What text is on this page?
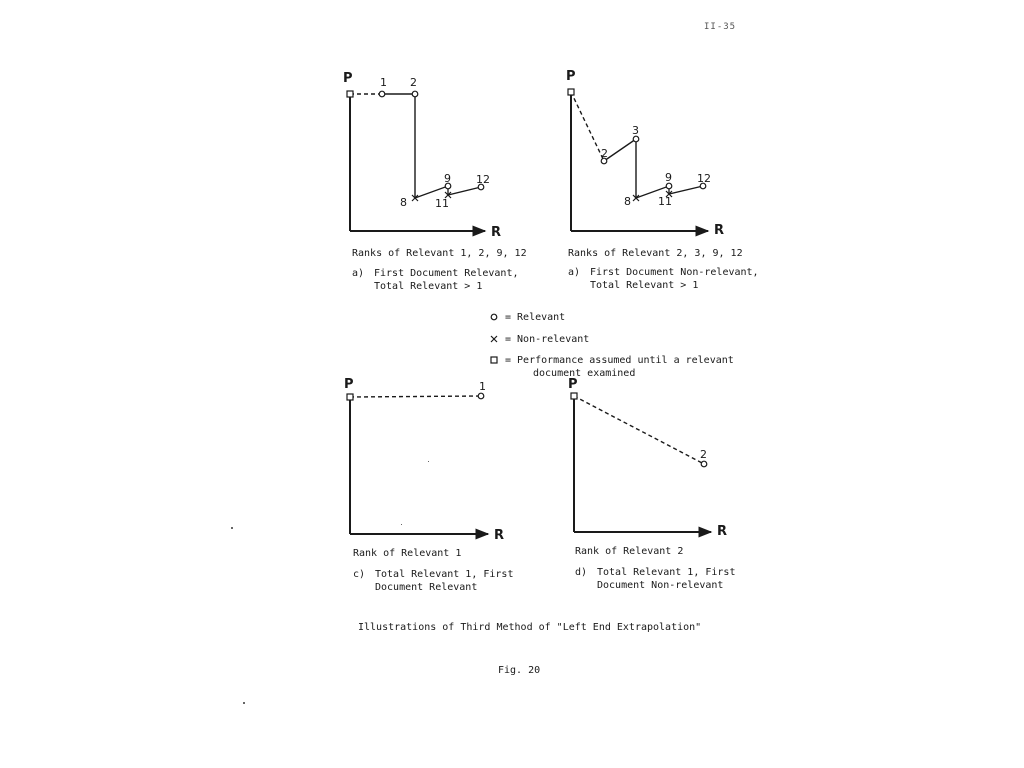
II-35
P
R
1 2
8
9
11
12
P
R
2
3
8
9
11
12
P
R
1	P
R
2
Ranks of Relevant 1, 2, 9, 12
a) First Document Relevant,
Total Relevant > 1
Ranks of Relevant 2, 3, 9, 12
a) First Document Non-relevant,
Total Relevant > 1
= Relevant
= Non-relevant
= Performance assumed until a relevant
document examined
Rank of Relevant 1
c) Total Relevant 1, First
Document Relevant
Rank of Relevant 2
d) Total Relevant 1, First
Document Non-relevant
Illustrations of Third Method of "Left End Extrapolation"
Fig. 20
